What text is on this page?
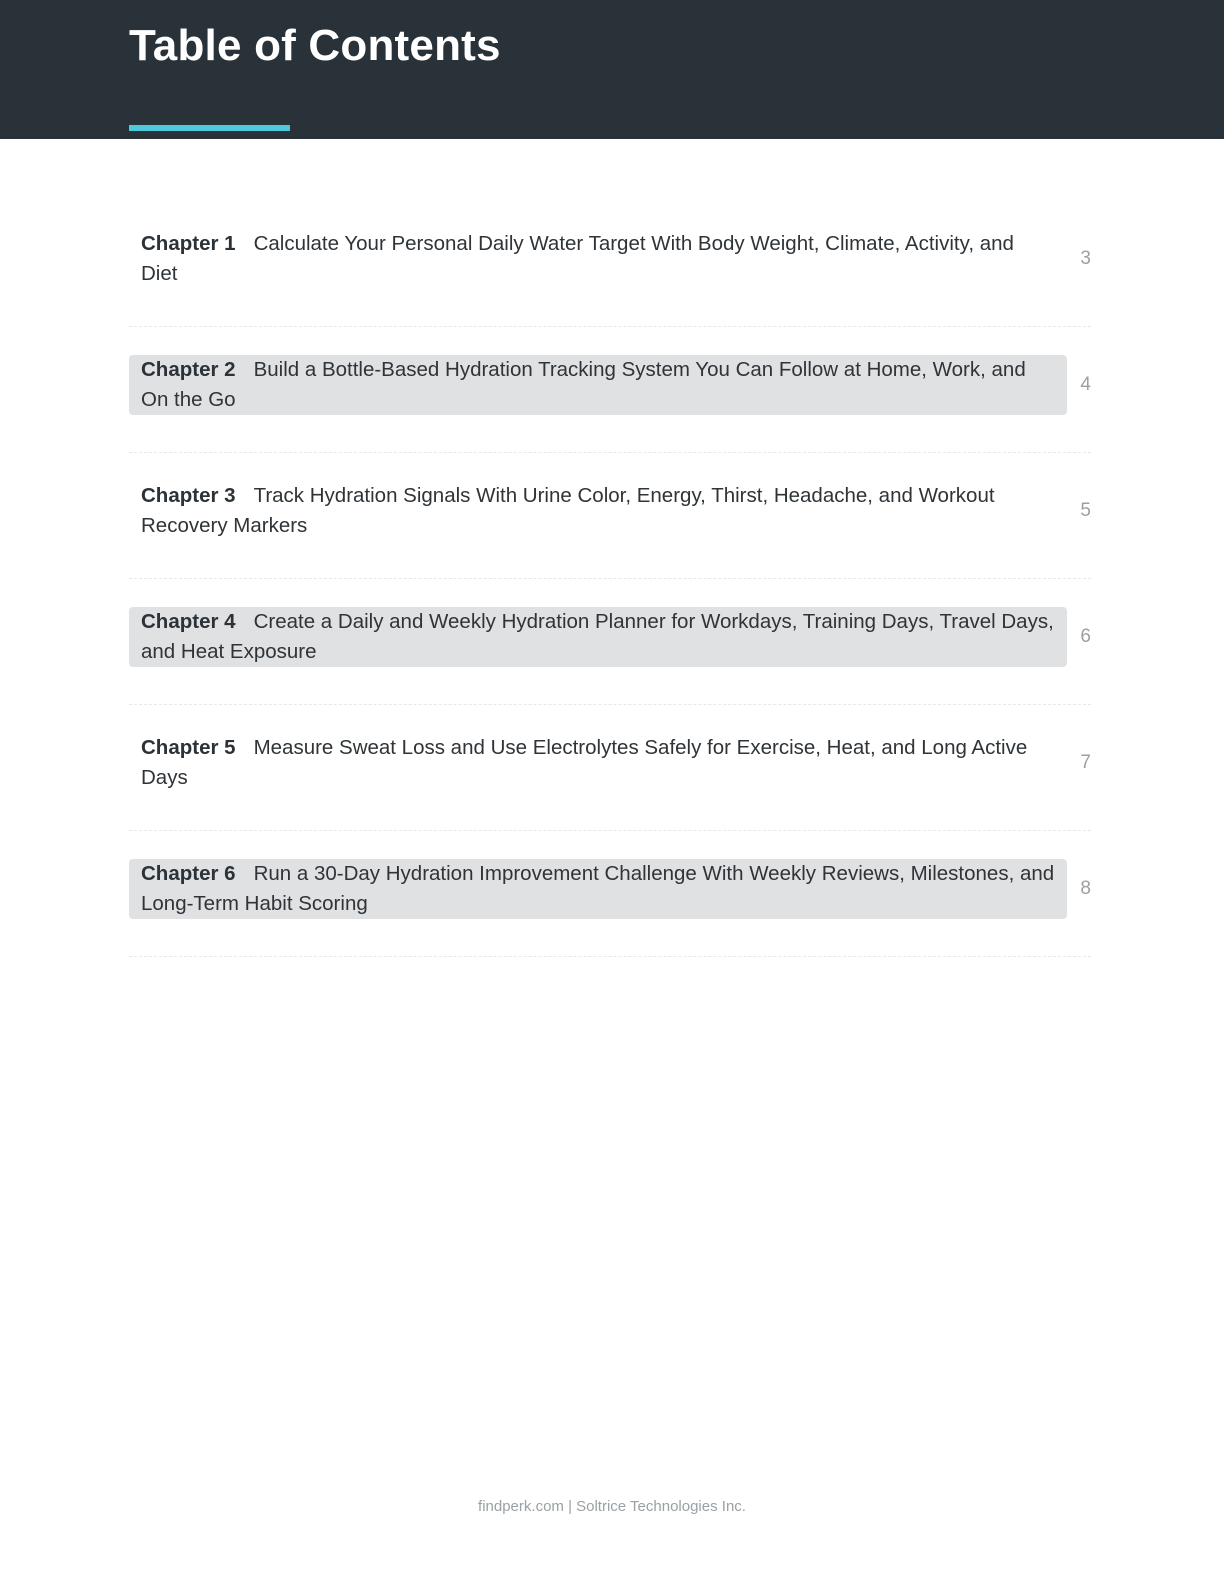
Table of Contents
Chapter 1 Calculate Your Personal Daily Water Target With Body Weight, Climate, Activity, and Diet
3
Chapter 2 Build a Bottle-Based Hydration Tracking System You Can Follow at Home, Work, and On the Go
4
Chapter 3 Track Hydration Signals With Urine Color, Energy, Thirst, Headache, and Workout Recovery Markers
5
Chapter 4 Create a Daily and Weekly Hydration Planner for Workdays, Training Days, Travel Days, and Heat Exposure
6
Chapter 5 Measure Sweat Loss and Use Electrolytes Safely for Exercise, Heat, and Long Active Days
7
Chapter 6 Run a 30-Day Hydration Improvement Challenge With Weekly Reviews, Milestones, and Long-Term Habit Scoring
8
findperk.com | Soltrice Technologies Inc.
